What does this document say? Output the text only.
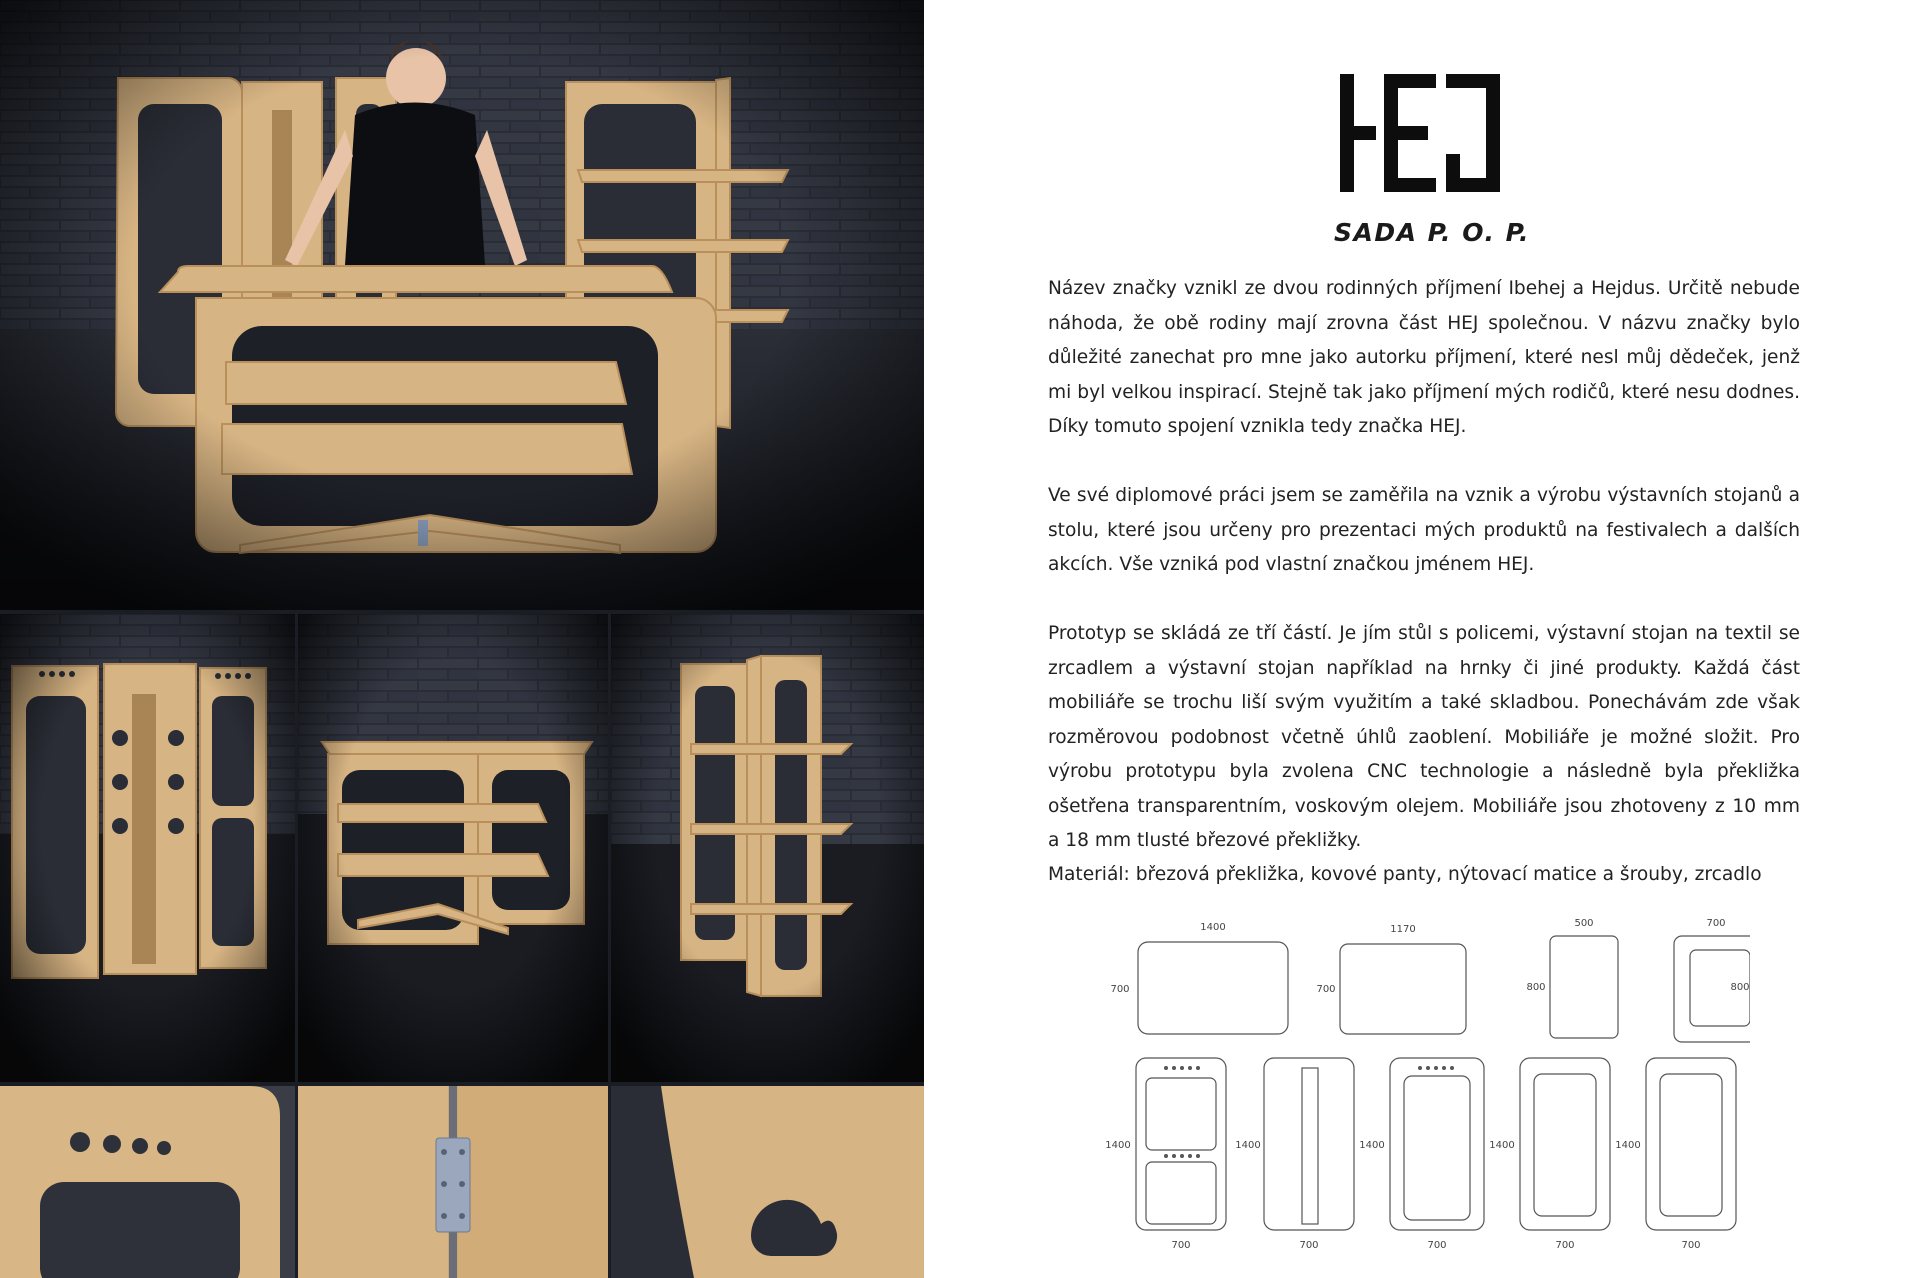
SADA P. O. P.

Název značky vznikl ze dvou rodinných příjmení Ibehej a Hejdus. Určitě nebude náhoda, že obě rodiny mají zrovna část HEJ společnou. V názvu značky bylo důležité zanechat pro mne jako autorku příjmení, které nesl můj dědeček, jenž mi byl velkou inspirací. Stejně tak jako příjmení mých rodičů, které nesu dodnes. Díky tomuto spojení vznikla tedy značka HEJ.

Ve své diplomové práci jsem se zaměřila na vznik a výrobu výstavních stojanů a stolu, které jsou určeny pro prezentaci mých produktů na festivalech a dalších akcích. Vše vzniká pod vlastní značkou jménem HEJ.

Prototyp se skládá ze tří částí. Je jím stůl s policemi, výstavní stojan na textil se zrcadlem a výstavní stojan například na hrnky či jiné produkty. Každá část mobiliáře se trochu liší svým využitím a také skladbou. Ponechávám zde však rozměrovou podobnost včetně úhlů zaoblení. Mobiliáře je možné složit. Pro výrobu prototypu byla zvolena CNC technologie a následně byla překližka ošetřena transparentním, voskovým olejem. Mobiliáře jsou zhotoveny z 10 mm a 18 mm tlusté březové překližky.

Materiál: březová překližka, kovové panty, nýtovací matice a šrouby, zrcadlo

1400
700
1170
700
500
800
700
800
1400
700
1400
700
1400
700
1400
700
1400
700
